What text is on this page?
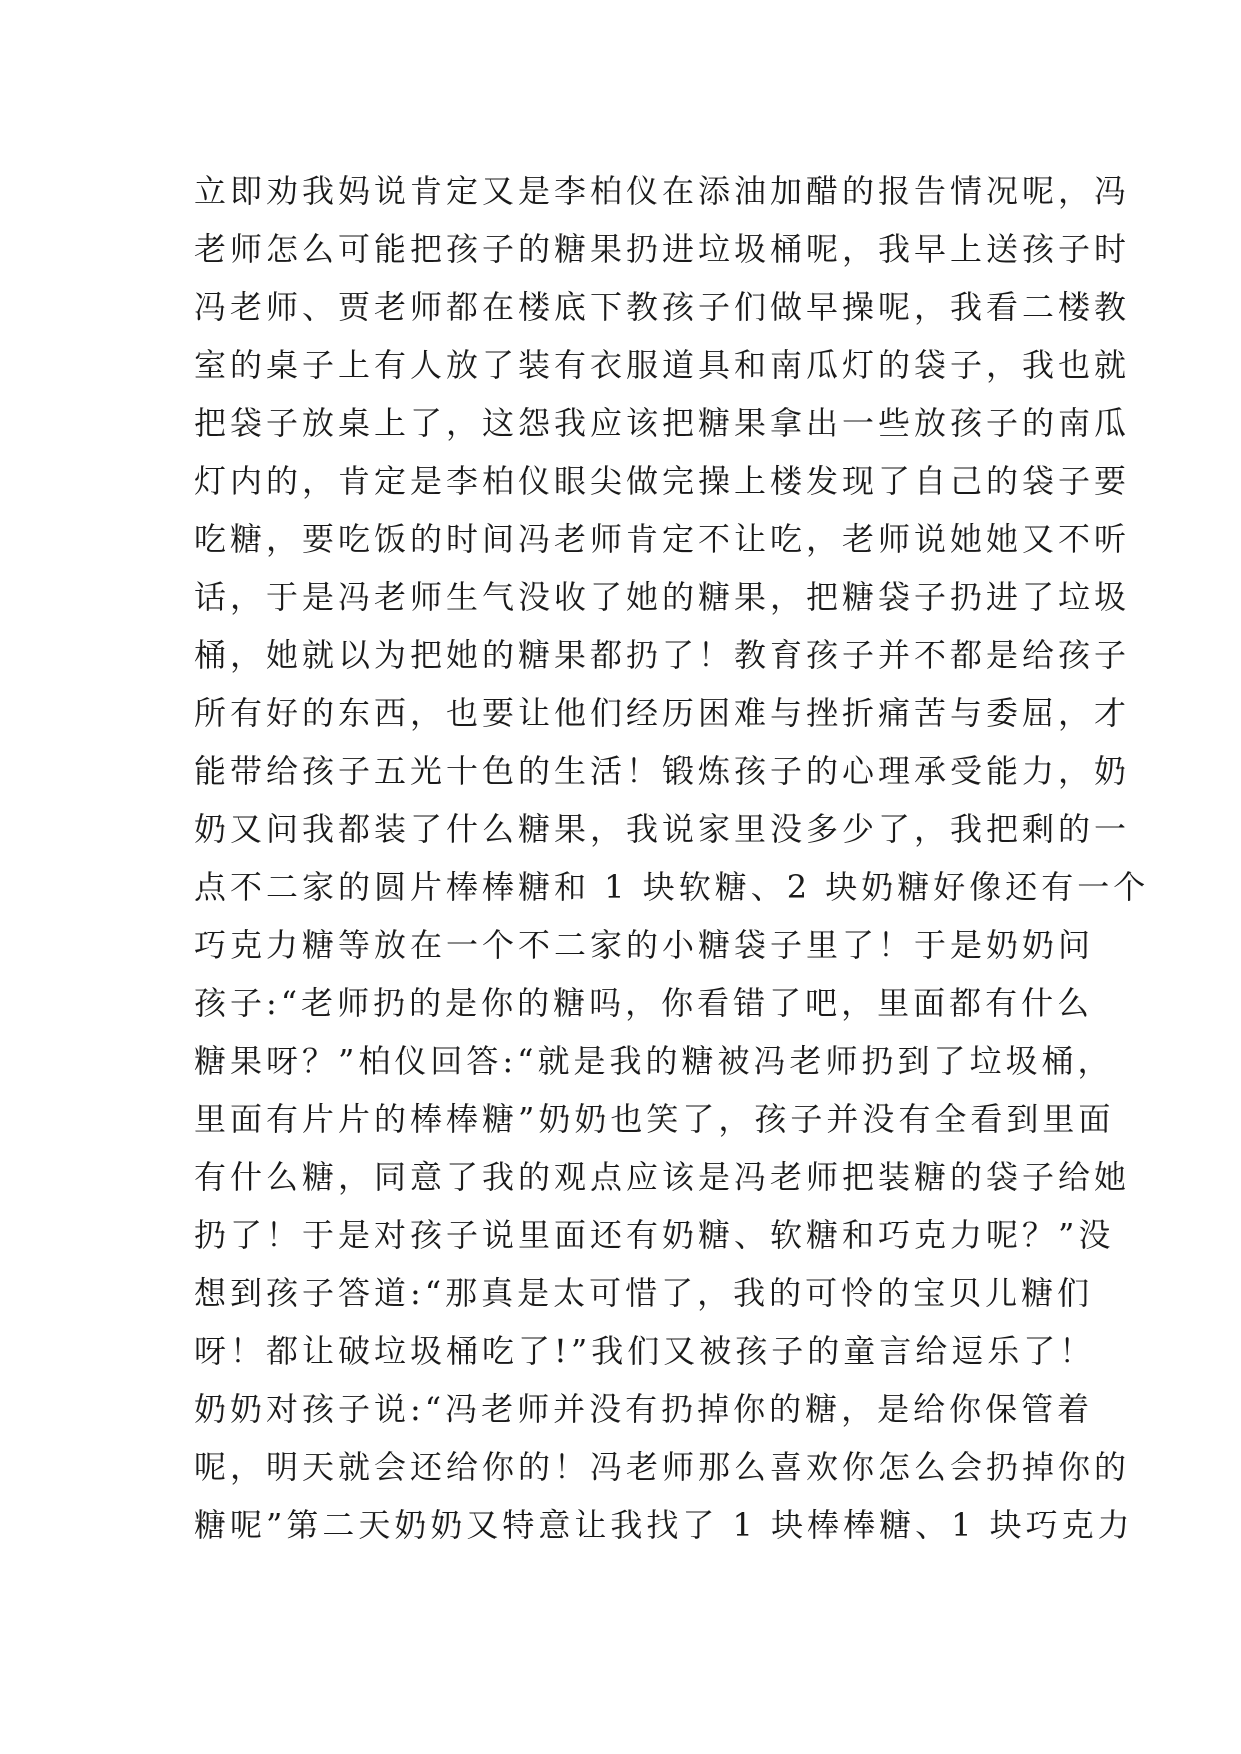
立即劝我妈说肯定又是李柏仪在添油加醋的报告情况呢，冯
老师怎么可能把孩子的糖果扔进垃圾桶呢，我早上送孩子时
冯老师、贾老师都在楼底下教孩子们做早操呢，我看二楼教
室的桌子上有人放了装有衣服道具和南瓜灯的袋子，我也就
把袋子放桌上了，这怨我应该把糖果拿出一些放孩子的南瓜
灯内的，肯定是李柏仪眼尖做完操上楼发现了自己的袋子要
吃糖，要吃饭的时间冯老师肯定不让吃，老师说她她又不听
话，于是冯老师生气没收了她的糖果，把糖袋子扔进了垃圾
桶，她就以为把她的糖果都扔了！教育孩子并不都是给孩子
所有好的东西，也要让他们经历困难与挫折痛苦与委屈，才
能带给孩子五光十色的生活！锻炼孩子的心理承受能力，奶
奶又问我都装了什么糖果，我说家里没多少了，我把剩的一
点不二家的圆片棒棒糖和 1 块软糖、2 块奶糖好像还有一个
巧克力糖等放在一个不二家的小糖袋子里了！于是奶奶问
孩子:“老师扔的是你的糖吗，你看错了吧，里面都有什么
糖果呀？”柏仪回答:“就是我的糖被冯老师扔到了垃圾桶，
里面有片片的棒棒糖”奶奶也笑了，孩子并没有全看到里面
有什么糖，同意了我的观点应该是冯老师把装糖的袋子给她
扔了！于是对孩子说里面还有奶糖、软糖和巧克力呢？”没
想到孩子答道:“那真是太可惜了，我的可怜的宝贝儿糖们
呀！都让破垃圾桶吃了!”我们又被孩子的童言给逗乐了！
奶奶对孩子说:“冯老师并没有扔掉你的糖，是给你保管着
呢，明天就会还给你的！冯老师那么喜欢你怎么会扔掉你的
糖呢”第二天奶奶又特意让我找了 1 块棒棒糖、1 块巧克力
